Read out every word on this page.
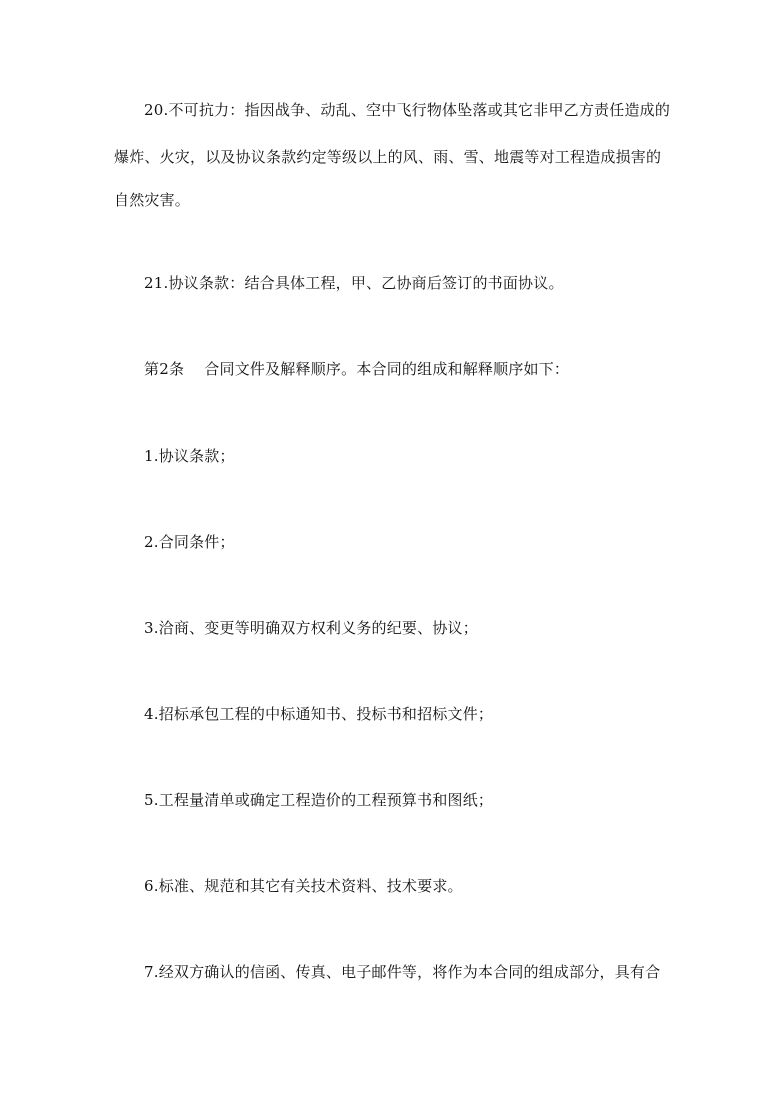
20.不可抗力：指因战争、动乱、空中飞行物体坠落或其它非甲乙方责任造成的
爆炸、火灾，以及协议条款约定等级以上的风、雨、雪、地震等对工程造成损害的
自然灾害。
21.协议条款：结合具体工程，甲、乙协商后签订的书面协议。
第2条　 合同文件及解释顺序。本合同的组成和解释顺序如下：
1.协议条款；
2.合同条件；
3.洽商、变更等明确双方权利义务的纪要、协议；
4.招标承包工程的中标通知书、投标书和招标文件；
5.工程量清单或确定工程造价的工程预算书和图纸；
6.标准、规范和其它有关技术资料、技术要求。
7.经双方确认的信函、传真、电子邮件等，将作为本合同的组成部分，具有合
